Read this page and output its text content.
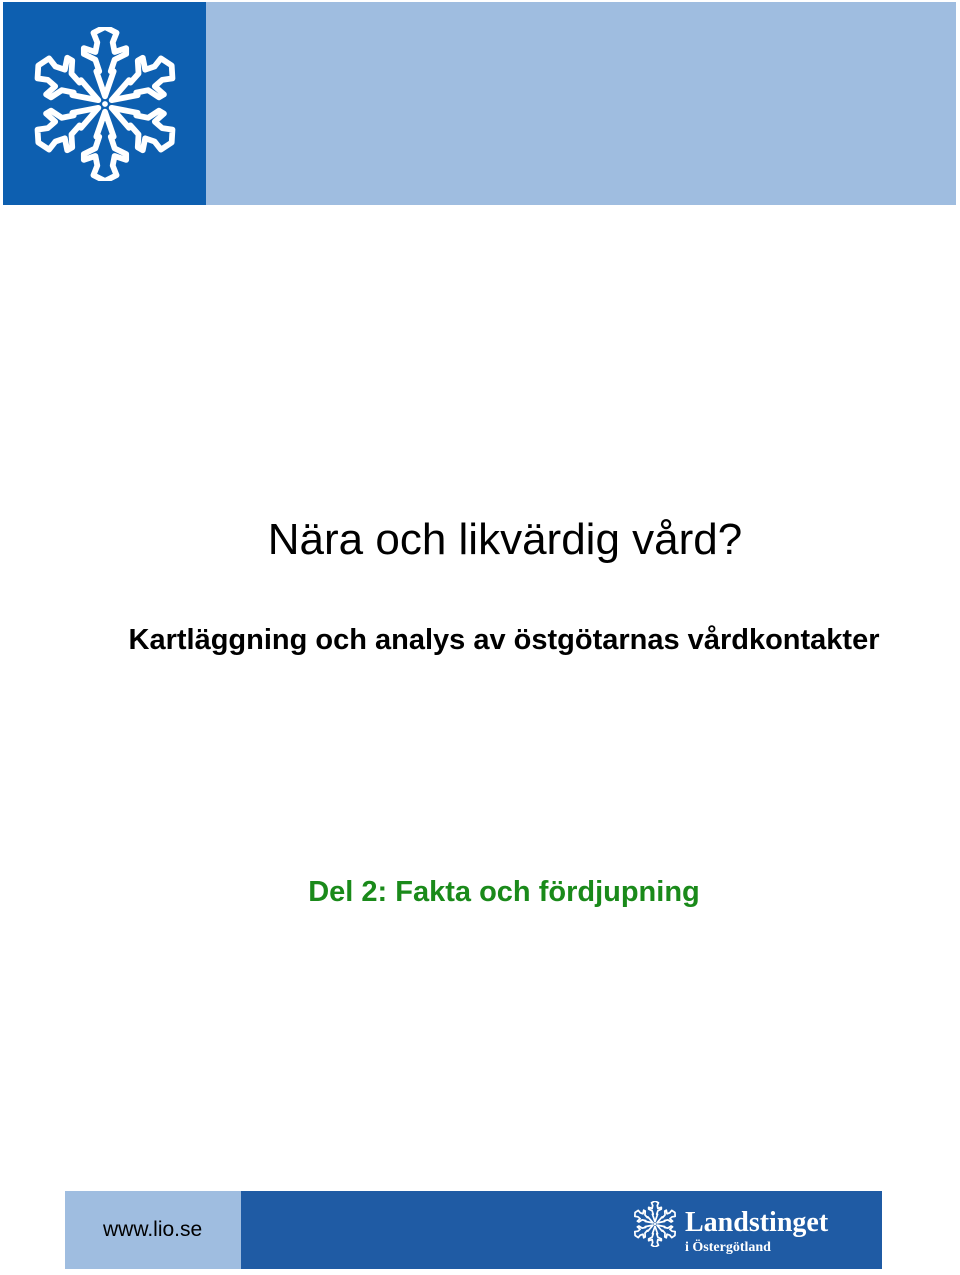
Nära och likvärdig vård?
Kartläggning och analys av östgötarnas vårdkontakter
Del 2: Fakta och fördjupning
www.lio.se	Landstinget
i Östergötland
